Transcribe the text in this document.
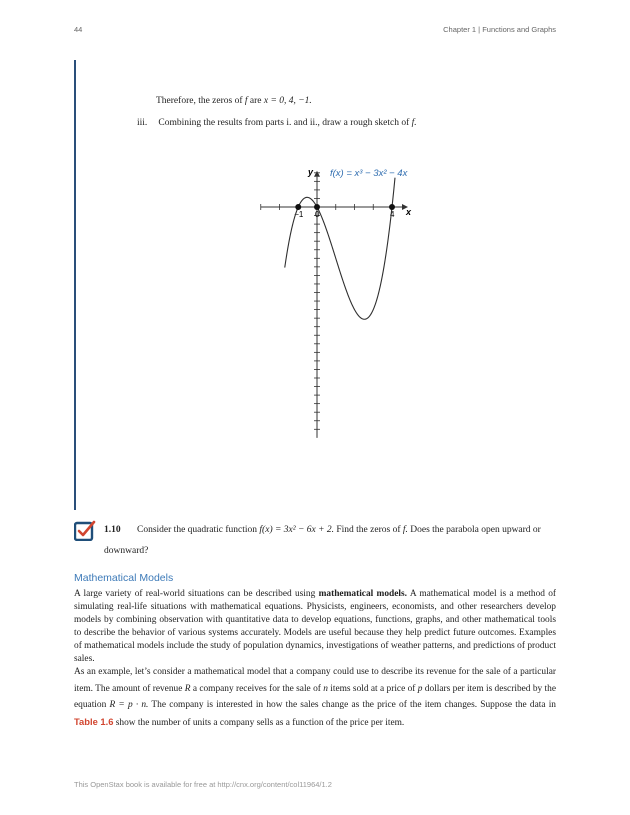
44	Chapter 1 | Functions and Graphs
Therefore, the zeros of f are x = 0, 4, −1.
iii. Combining the results from parts i. and ii., draw a rough sketch of f.
x
y f(x) = x³ − 3x² − 4x
−1 0	4
1.10 Consider the quadratic function f(x) = 3x² − 6x + 2. Find the zeros of f. Does the parabola open upward or downward?
Mathematical Models
A large variety of real-world situations can be described using mathematical models. A mathematical model is a method of simulating real-life situations with mathematical equations. Physicists, engineers, economists, and other researchers develop models by combining observation with quantitative data to develop equations, functions, graphs, and other mathematical tools to describe the behavior of various systems accurately. Models are useful because they help predict future outcomes. Examples of mathematical models include the study of population dynamics, investigations of weather patterns, and predictions of product sales.
As an example, let’s consider a mathematical model that a company could use to describe its revenue for the sale of a particular item. The amount of revenue R a company receives for the sale of n items sold at a price of p dollars per item is described by the equation R = p · n. The company is interested in how the sales change as the price of the item changes. Suppose the data in Table 1.6 show the number of units a company sells as a function of the price per item.
This OpenStax book is available for free at http://cnx.org/content/col11964/1.2
